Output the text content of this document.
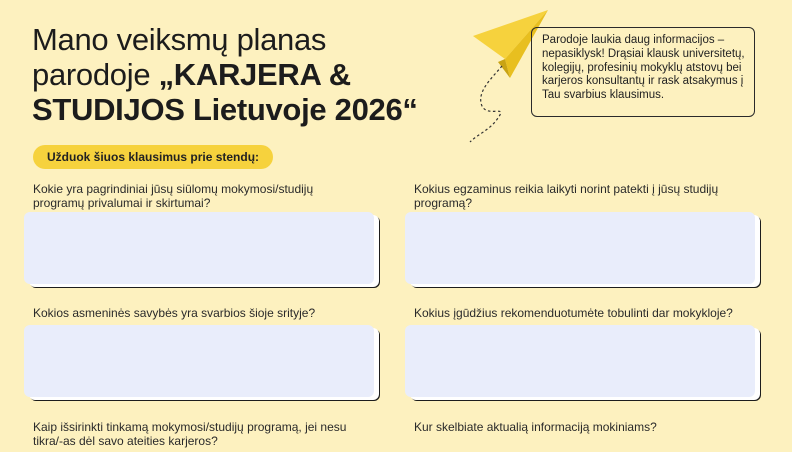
Mano veiksmų planas
parodoje „KARJERA &
STUDIJOS Lietuvoje 2026“
Parodoje laukia daug informacijos – nepasiklysk! Drąsiai klausk universitetų, kolegijų, profesinių mokyklų atstovų bei karjeros konsultantų ir rask atsakymus į Tau svarbius klausimus.
Užduok šiuos klausimus prie stendų:
Kokie yra pagrindiniai jūsų siūlomų mokymosi/studijų programų privalumai ir skirtumai?
Kokius egzaminus reikia laikyti norint patekti į jūsų studijų programą?
Kokios asmeninės savybės yra svarbios šioje srityje?	Kokius įgūdžius rekomenduotumėte tobulinti dar mokykloje?
Kaip išsirinkti tinkamą mokymosi/studijų programą, jei nesu tikra/-as dėl savo ateities karjeros?
Kur skelbiate aktualią informaciją mokiniams?
